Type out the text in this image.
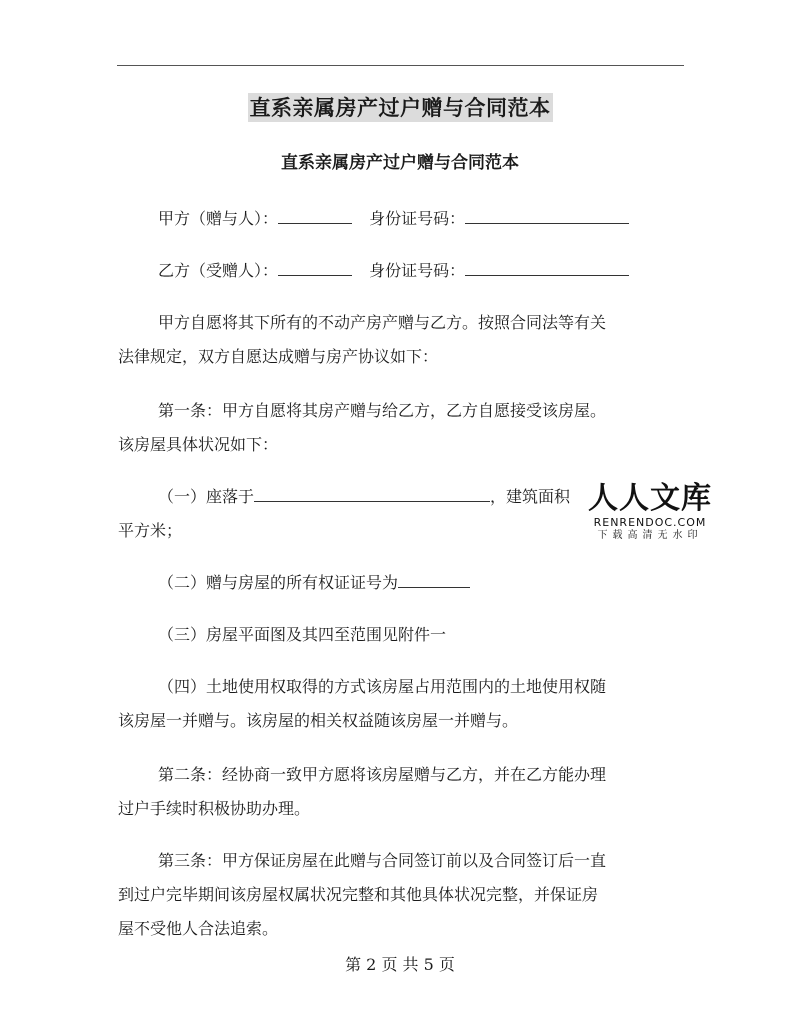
直系亲属房产过户赠与合同范本
直系亲属房产过户赠与合同范本
甲方（赠与人）：	身份证号码：
乙方（受赠人）：	身份证号码：
甲方自愿将其下所有的不动产房产赠与乙方。按照合同法等有关
法律规定，双方自愿达成赠与房产协议如下：
第一条：甲方自愿将其房产赠与给乙方，乙方自愿接受该房屋。
该房屋具体状况如下：
（一）座落于	，建筑面积
平方米；
（二）赠与房屋的所有权证证号为
（三）房屋平面图及其四至范围见附件一
（四）土地使用权取得的方式该房屋占用范围内的土地使用权随
该房屋一并赠与。该房屋的相关权益随该房屋一并赠与。
第二条：经协商一致甲方愿将该房屋赠与乙方，并在乙方能办理
过户手续时积极协助办理。
第三条：甲方保证房屋在此赠与合同签订前以及合同签订后一直
到过户完毕期间该房屋权属状况完整和其他具体状况完整，并保证房
屋不受他人合法追索。
人人文库
RENRENDOC.COM
下载高清无水印
第 2 页 共 5 页
